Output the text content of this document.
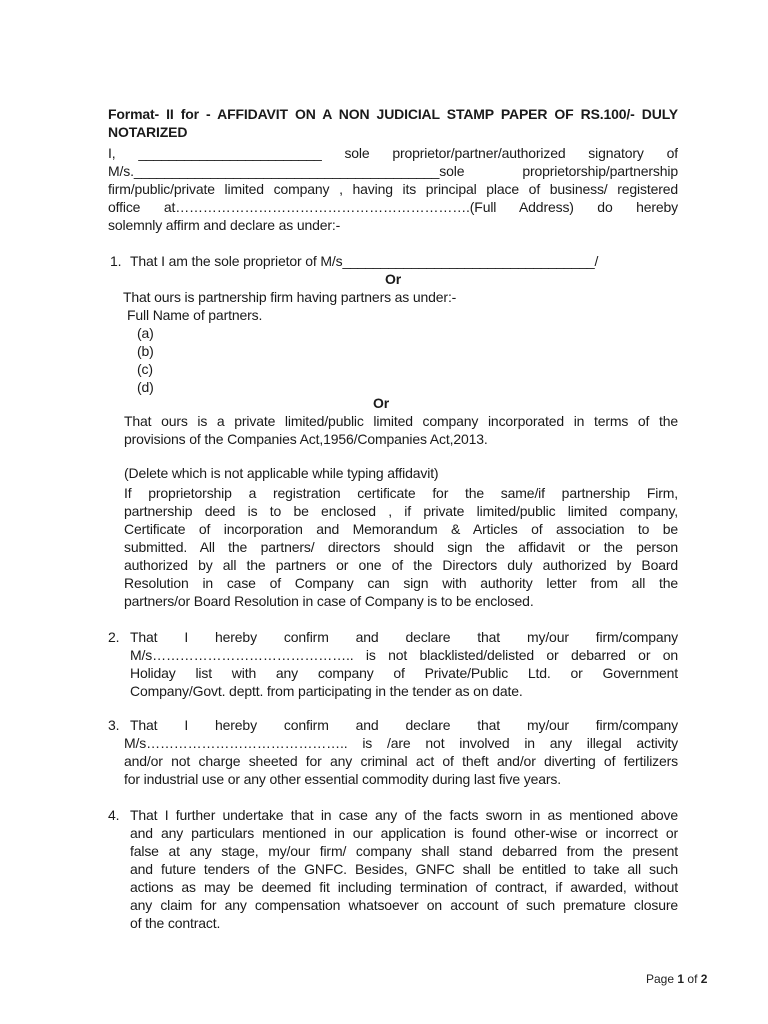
Format- II for - AFFIDAVIT ON A NON JUDICIAL STAMP PAPER OF RS.100/- DULY
NOTARIZED
I, ________________________ sole proprietor/partner/authorized signatory of
M/s.________________________________________sole proprietorship/partnership
firm/public/private limited company , having its principal place of business/ registered
office at……………………………………………………….(Full Address) do hereby
solemnly affirm and declare as under:-
1. That I am the sole proprietor of M/s_________________________________/
Or
That ours is partnership firm having partners as under:-
Full Name of partners.
(a)
(b)
(c)
(d)
Or
That ours is a private limited/public limited company incorporated in terms of the
provisions of the Companies Act,1956/Companies Act,2013.
(Delete which is not applicable while typing affidavit)
If proprietorship a registration certificate for the same/if partnership Firm,
partnership deed is to be enclosed , if private limited/public limited company,
Certificate of incorporation and Memorandum & Articles of association to be
submitted. All the partners/ directors should sign the affidavit or the person
authorized by all the partners or one of the Directors duly authorized by Board
Resolution in case of Company can sign with authority letter from all the
partners/or Board Resolution in case of Company is to be enclosed.
2. That I hereby confirm and declare that my/our firm/company
M/s…………………………………….. is not blacklisted/delisted or debarred or on
Holiday list with any company of Private/Public Ltd. or Government
Company/Govt. deptt. from participating in the tender as on date.
3. That I hereby confirm and declare that my/our firm/company
M/s…………………………………….. is /are not involved in any illegal activity
and/or not charge sheeted for any criminal act of theft and/or diverting of fertilizers
for industrial use or any other essential commodity during last five years.
4. That I further undertake that in case any of the facts sworn in as mentioned above
and any particulars mentioned in our application is found other-wise or incorrect or
false at any stage, my/our firm/ company shall stand debarred from the present
and future tenders of the GNFC. Besides, GNFC shall be entitled to take all such
actions as may be deemed fit including termination of contract, if awarded, without
any claim for any compensation whatsoever on account of such premature closure
of the contract.
Page 1 of 2
